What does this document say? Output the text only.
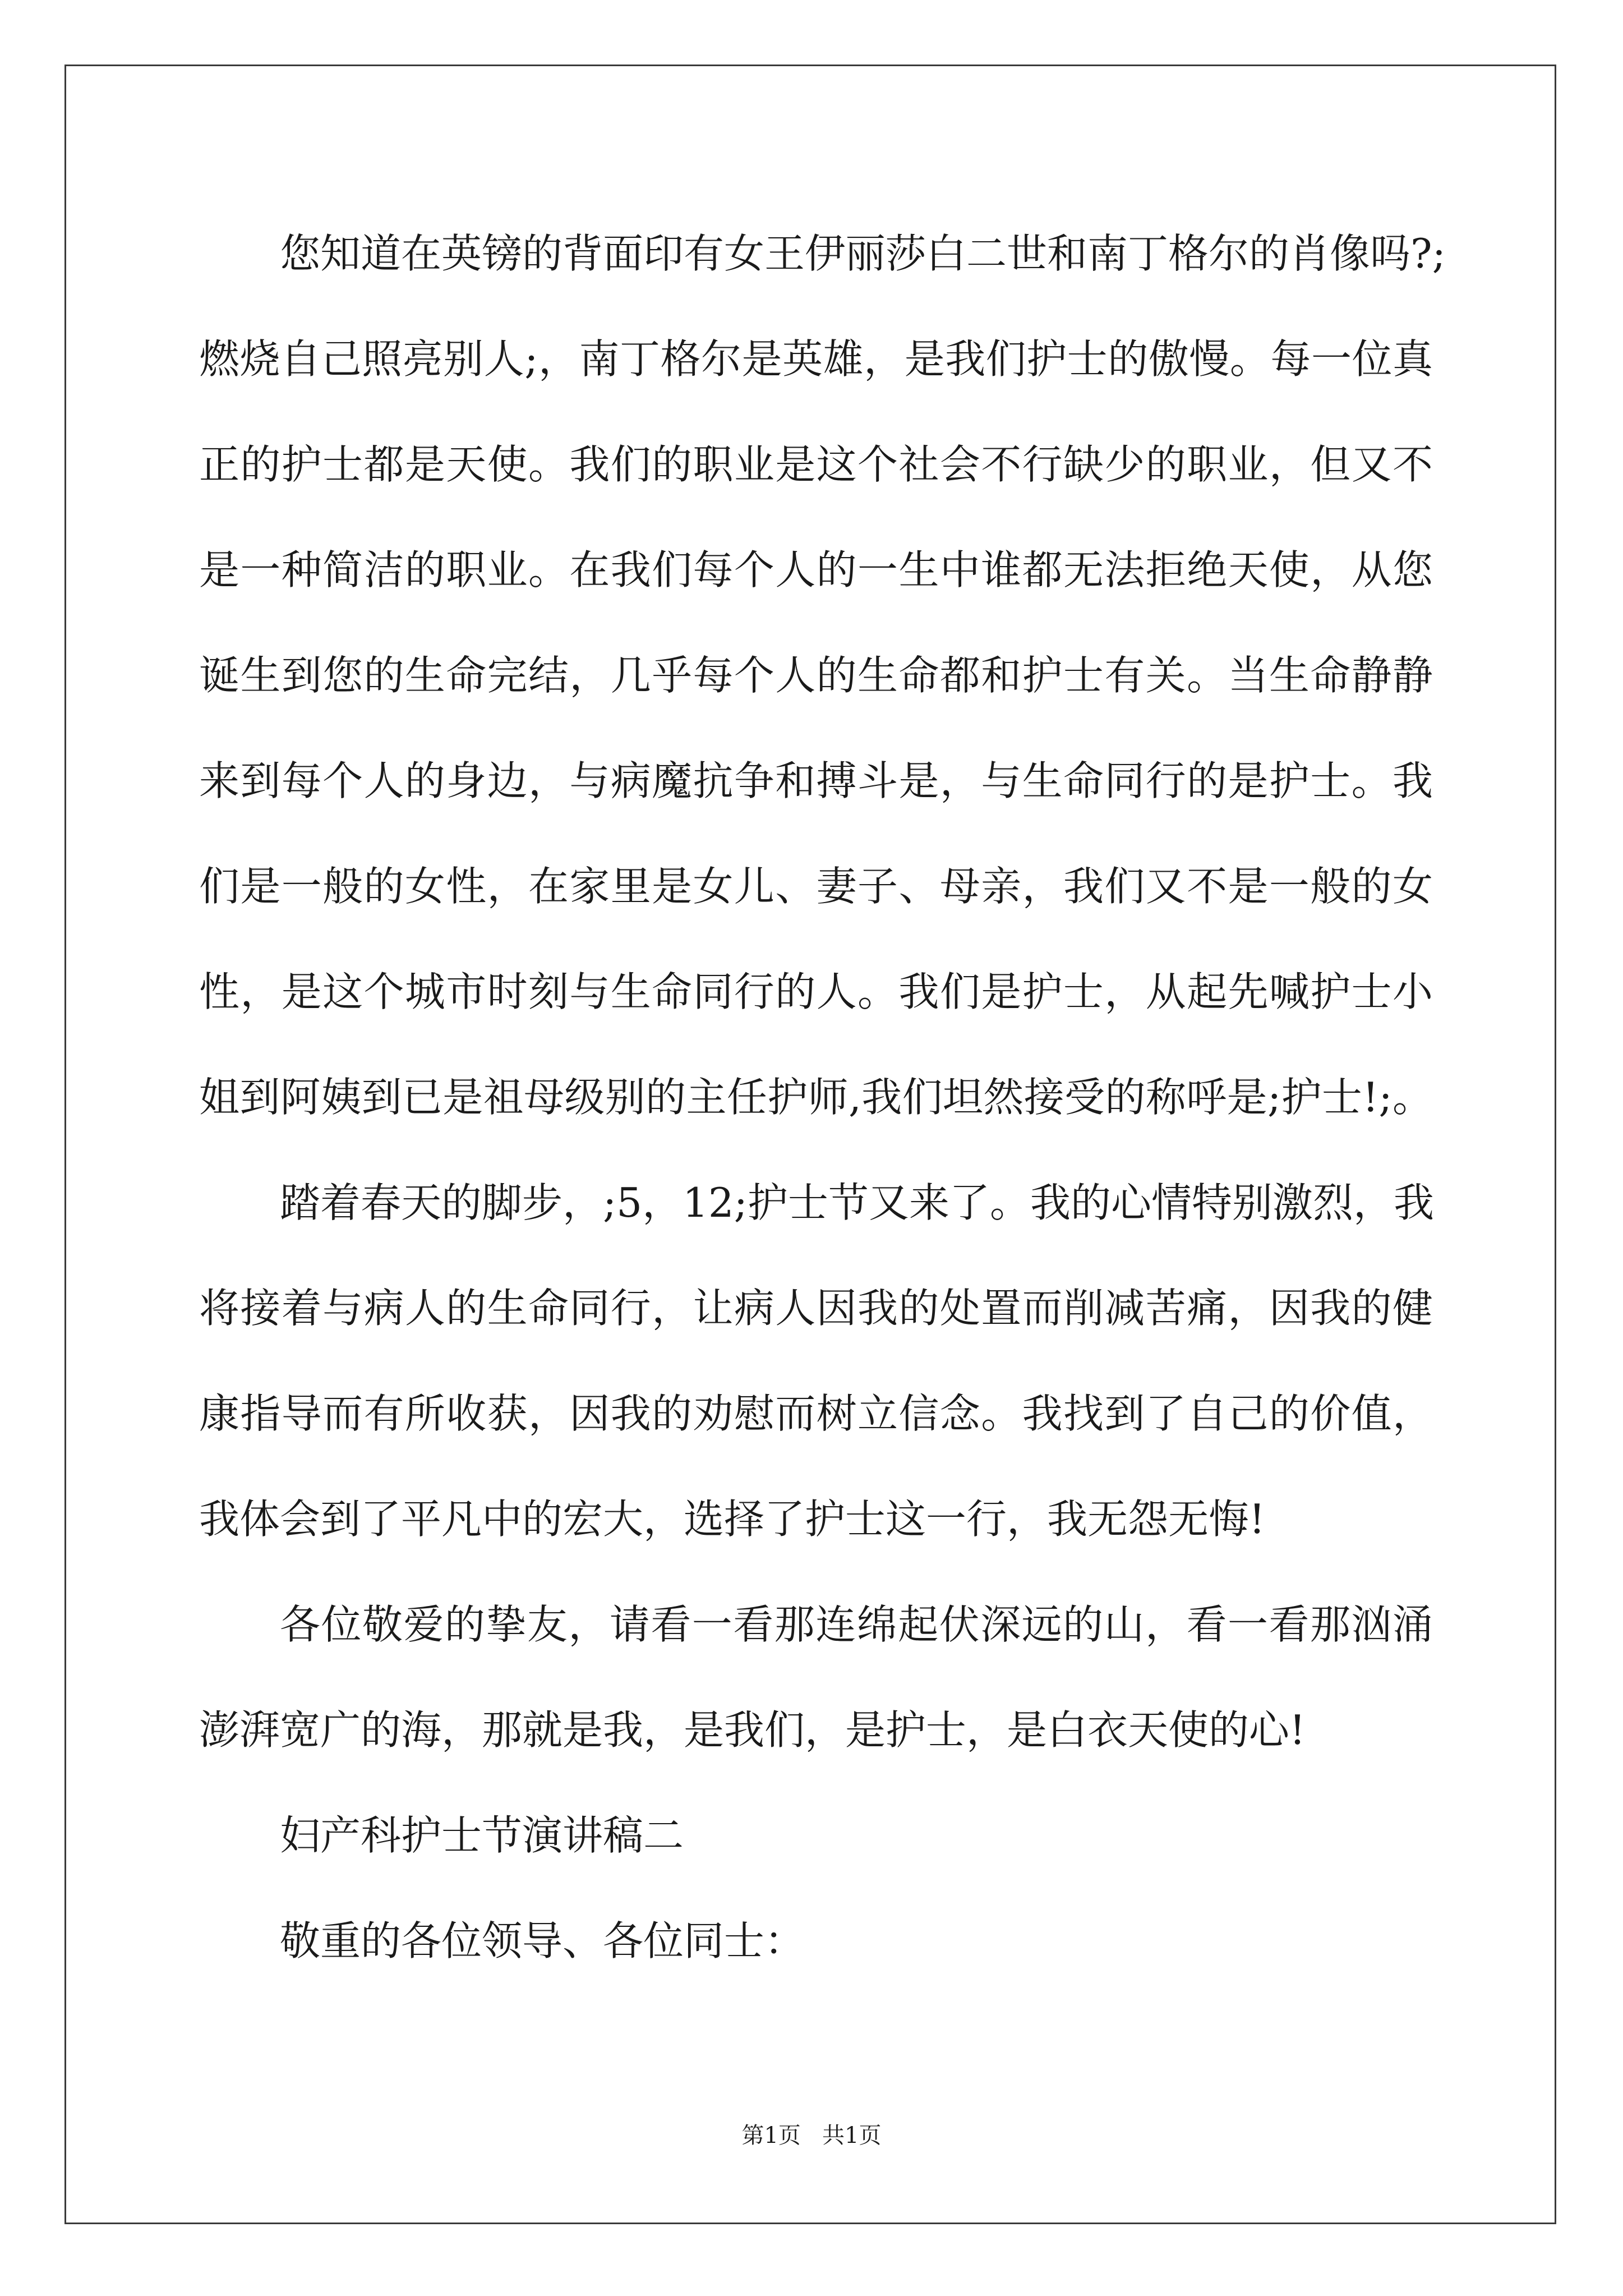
您知道在英镑的背面印有女王伊丽莎白二世和南丁格尔的肖像吗?;
燃烧自己照亮别人;，南丁格尔是英雄，是我们护士的傲慢。每一位真
正的护士都是天使。我们的职业是这个社会不行缺少的职业，但又不
是一种简洁的职业。在我们每个人的一生中谁都无法拒绝天使，从您
诞生到您的生命完结，几乎每个人的生命都和护士有关。当生命静静
来到每个人的身边，与病魔抗争和搏斗是，与生命同行的是护士。我
们是一般的女性，在家里是女儿、妻子、母亲，我们又不是一般的女
性，是这个城市时刻与生命同行的人。我们是护士，从起先喊护士小
姐到阿姨到已是祖母级别的主任护师,我们坦然接受的称呼是;护士!;。
踏着春天的脚步，;5，12;护士节又来了。我的心情特别激烈，我
将接着与病人的生命同行，让病人因我的处置而削减苦痛，因我的健
康指导而有所收获，因我的劝慰而树立信念。我找到了自己的价值，
我体会到了平凡中的宏大，选择了护士这一行，我无怨无悔!
各位敬爱的挚友，请看一看那连绵起伏深远的山，看一看那汹涌
澎湃宽广的海，那就是我，是我们，是护士，是白衣天使的心!
妇产科护士节演讲稿二
敬重的各位领导、各位同士：
第1页   共1页
